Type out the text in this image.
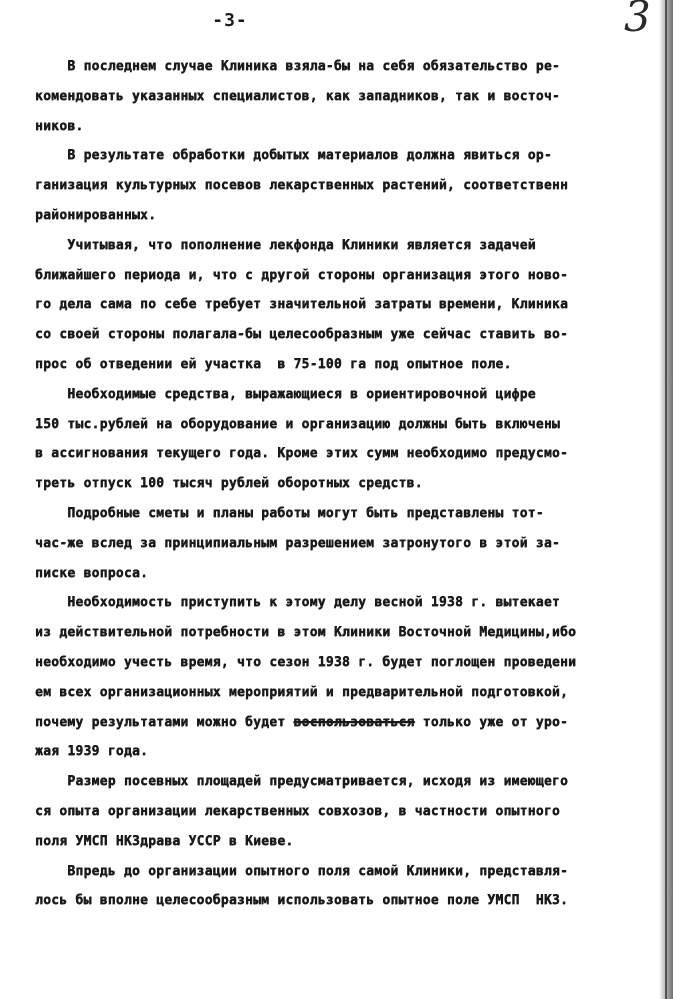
-3-	3
В последнем случае Клиника взяла-бы на себя обязательство ре-
комендовать указанных специалистов, как западников, так и восточ-
ников.
В результате обработки добытых материалов должна явиться ор-
ганизация культурных посевов лекарственных растений, соответственн
районированных.
Учитывая, что пополнение лекфонда Клиники является задачей
ближайшего периода и, что с другой стороны организация этого ново-
го дела сама по себе требует значительной затраты времени, Клиника
со своей стороны полагала-бы целесообразным уже сейчас ставить во-
прос об отведении ей участка  в 75-100 га под опытное поле.
Необходимые средства, выражающиеся в ориентировочной цифре
150 тыс.рублей на оборудование и организацию должны быть включены
в ассигнования текущего года. Кроме этих сумм необходимо предусмо-
треть отпуск 100 тысяч рублей оборотных средств.
Подробные сметы и планы работы могут быть представлены тот-
час-же вслед за принципиальным разрешением затронутого в этой за-
писке вопроса.
Необходимость приступить к этому делу весной 1938 г. вытекает
из действительной потребности в этом Клиники Восточной Медицины,ибо
необходимо учесть время, что сезон 1938 г. будет поглощен проведени
ем всех организационных мероприятий и предварительной подготовкой,
почему результатами можно будет воспользоваться только уже от уро-
жая 1939 года.
Размер посевных площадей предусматривается, исходя из имеющего
ся опыта организации лекарственных совхозов, в частности опытного
поля УМСП НКЗдрава УССР в Киеве.
Впредь до организации опытного поля самой Клиники, представля-
лось бы вполне целесообразным использовать опытное поле УМСП  НКЗ.
